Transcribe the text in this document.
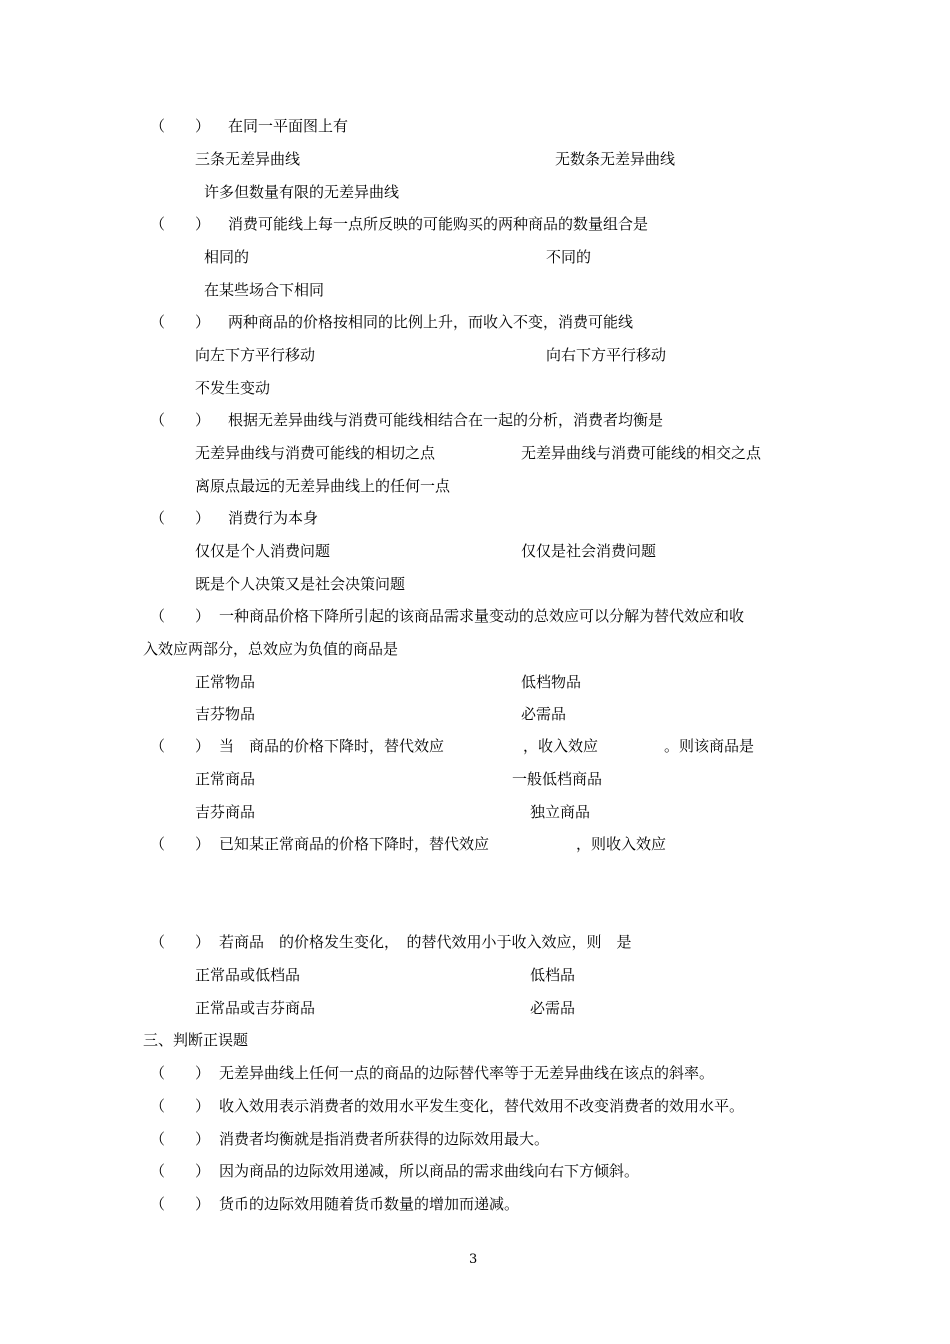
（　　） 在同一平面图上有
三条无差异曲线	无数条无差异曲线
许多但数量有限的无差异曲线
（　　） 消费可能线上每一点所反映的可能购买的两种商品的数量组合是
相同的	不同的
在某些场合下相同
（　　） 两种商品的价格按相同的比例上升，而收入不变，消费可能线
向左下方平行移动	向右下方平行移动
不发生变动
（　　） 根据无差异曲线与消费可能线相结合在一起的分析，消费者均衡是
无差异曲线与消费可能线的相切之点	无差异曲线与消费可能线的相交之点
离原点最远的无差异曲线上的任何一点
（　　） 消费行为本身
仅仅是个人消费问题	仅仅是社会消费问题
既是个人决策又是社会决策问题
（　　） 一种商品价格下降所引起的该商品需求量变动的总效应可以分解为替代效应和收
入效应两部分，总效应为负值的商品是
正常物品	低档物品
吉芬物品	必需品
（　　） 当　商品的价格下降时，替代效应	，收入效应	。则该商品是
正常商品	一般低档商品
吉芬商品	独立商品
（　　） 已知某正常商品的价格下降时，替代效应	，则收入效应
（　　） 若商品　的价格发生变化，　的替代效用小于收入效应，则　是
正常品或低档品	低档品
正常品或吉芬商品	必需品
三、判断正误题
（　　） 无差异曲线上任何一点的商品的边际替代率等于无差异曲线在该点的斜率。
（　　） 收入效用表示消费者的效用水平发生变化，替代效用不改变消费者的效用水平。
（　　） 消费者均衡就是指消费者所获得的边际效用最大。
（　　） 因为商品的边际效用递减，所以商品的需求曲线向右下方倾斜。
（　　） 货币的边际效用随着货币数量的增加而递减。
3
